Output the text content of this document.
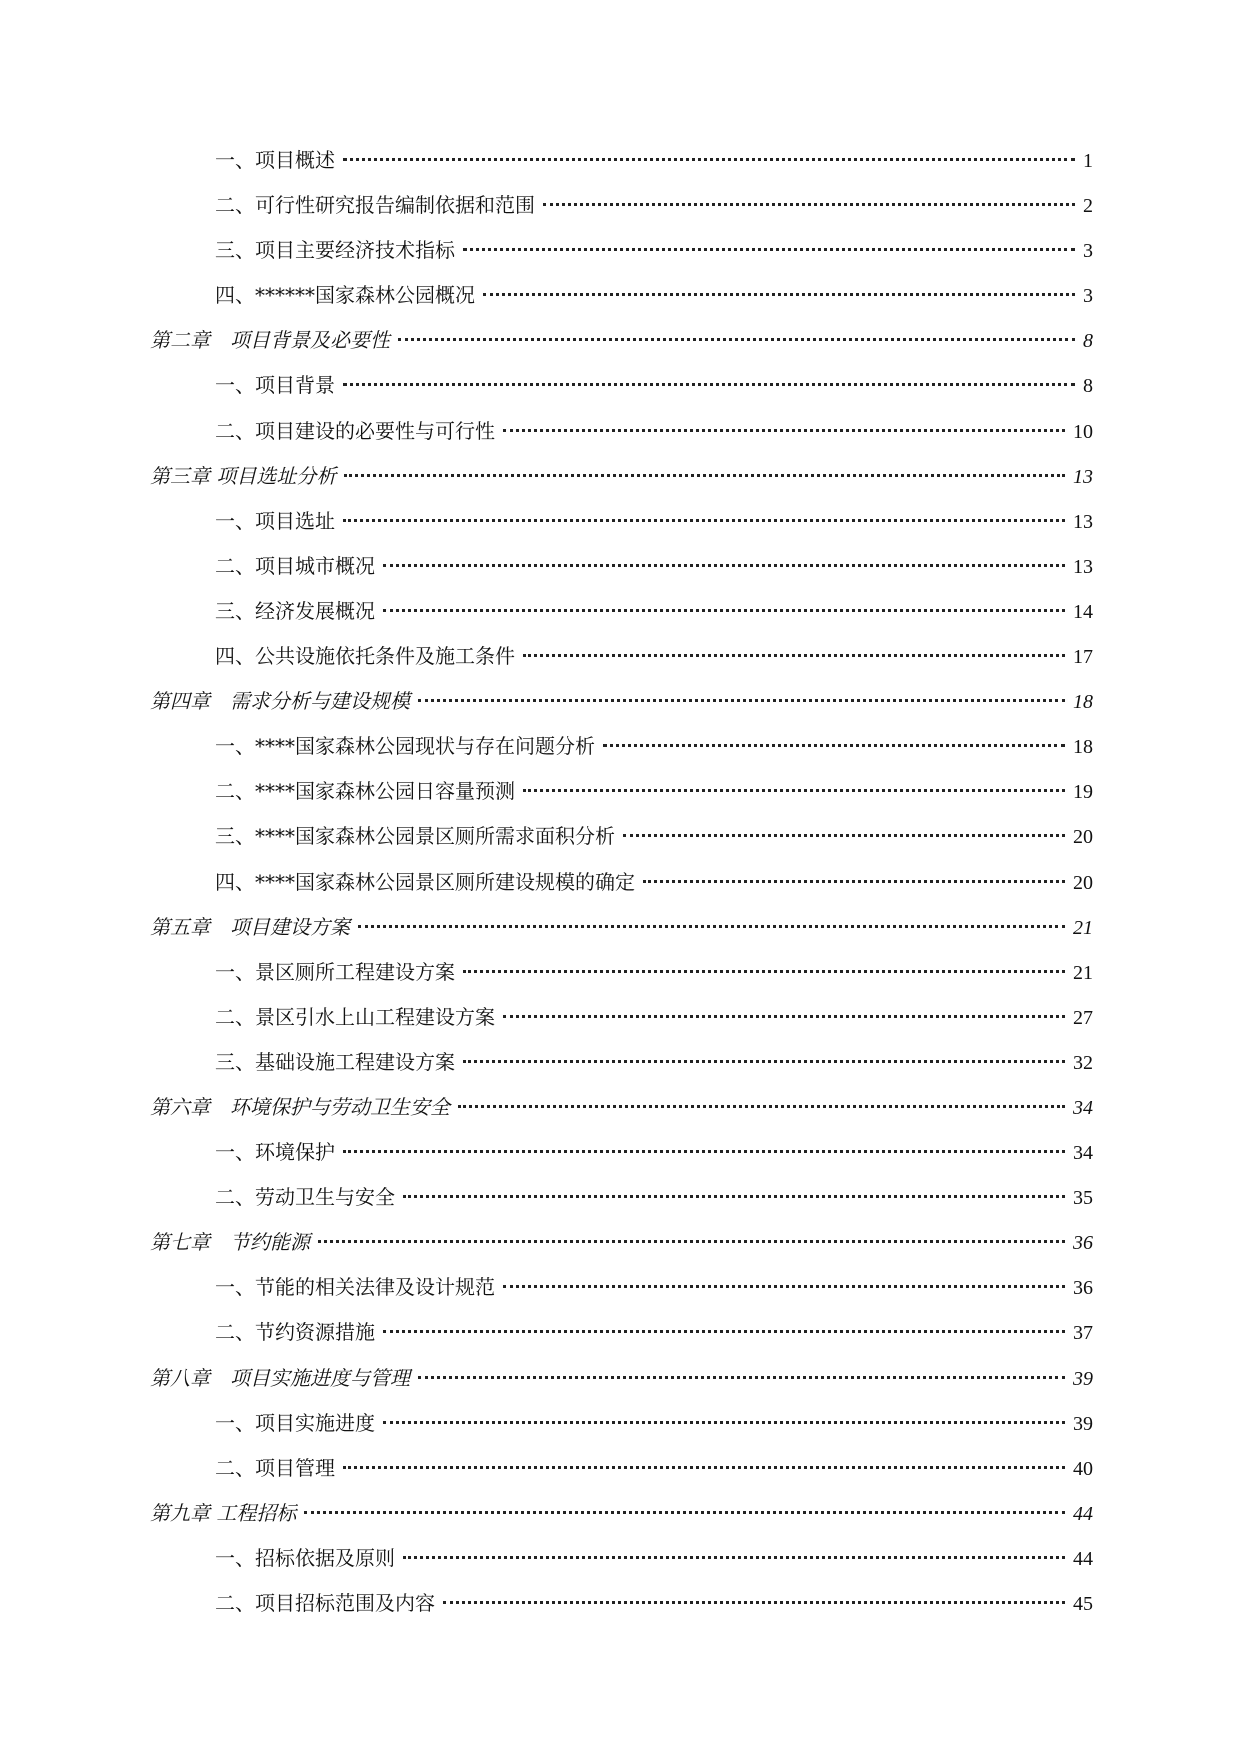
一、项目概述	1
二、可行性研究报告编制依据和范围	2
三、项目主要经济技术指标	3
四、******国家森林公园概况	3
第二章　项目背景及必要性	8
一、项目背景	8
二、项目建设的必要性与可行性	10
第三章 项目选址分析	13
一、项目选址	13
二、项目城市概况	13
三、经济发展概况	14
四、公共设施依托条件及施工条件	17
第四章　需求分析与建设规模	18
一、****国家森林公园现状与存在问题分析	18
二、****国家森林公园日容量预测	19
三、****国家森林公园景区厕所需求面积分析	20
四、****国家森林公园景区厕所建设规模的确定	20
第五章　项目建设方案	21
一、景区厕所工程建设方案	21
二、景区引水上山工程建设方案	27
三、基础设施工程建设方案	32
第六章　环境保护与劳动卫生安全	34
一、环境保护	34
二、劳动卫生与安全	35
第七章　节约能源	36
一、节能的相关法律及设计规范	36
二、节约资源措施	37
第八章　项目实施进度与管理	39
一、项目实施进度	39
二、项目管理	40
第九章 工程招标	44
一、招标依据及原则	44
二、项目招标范围及内容	45
